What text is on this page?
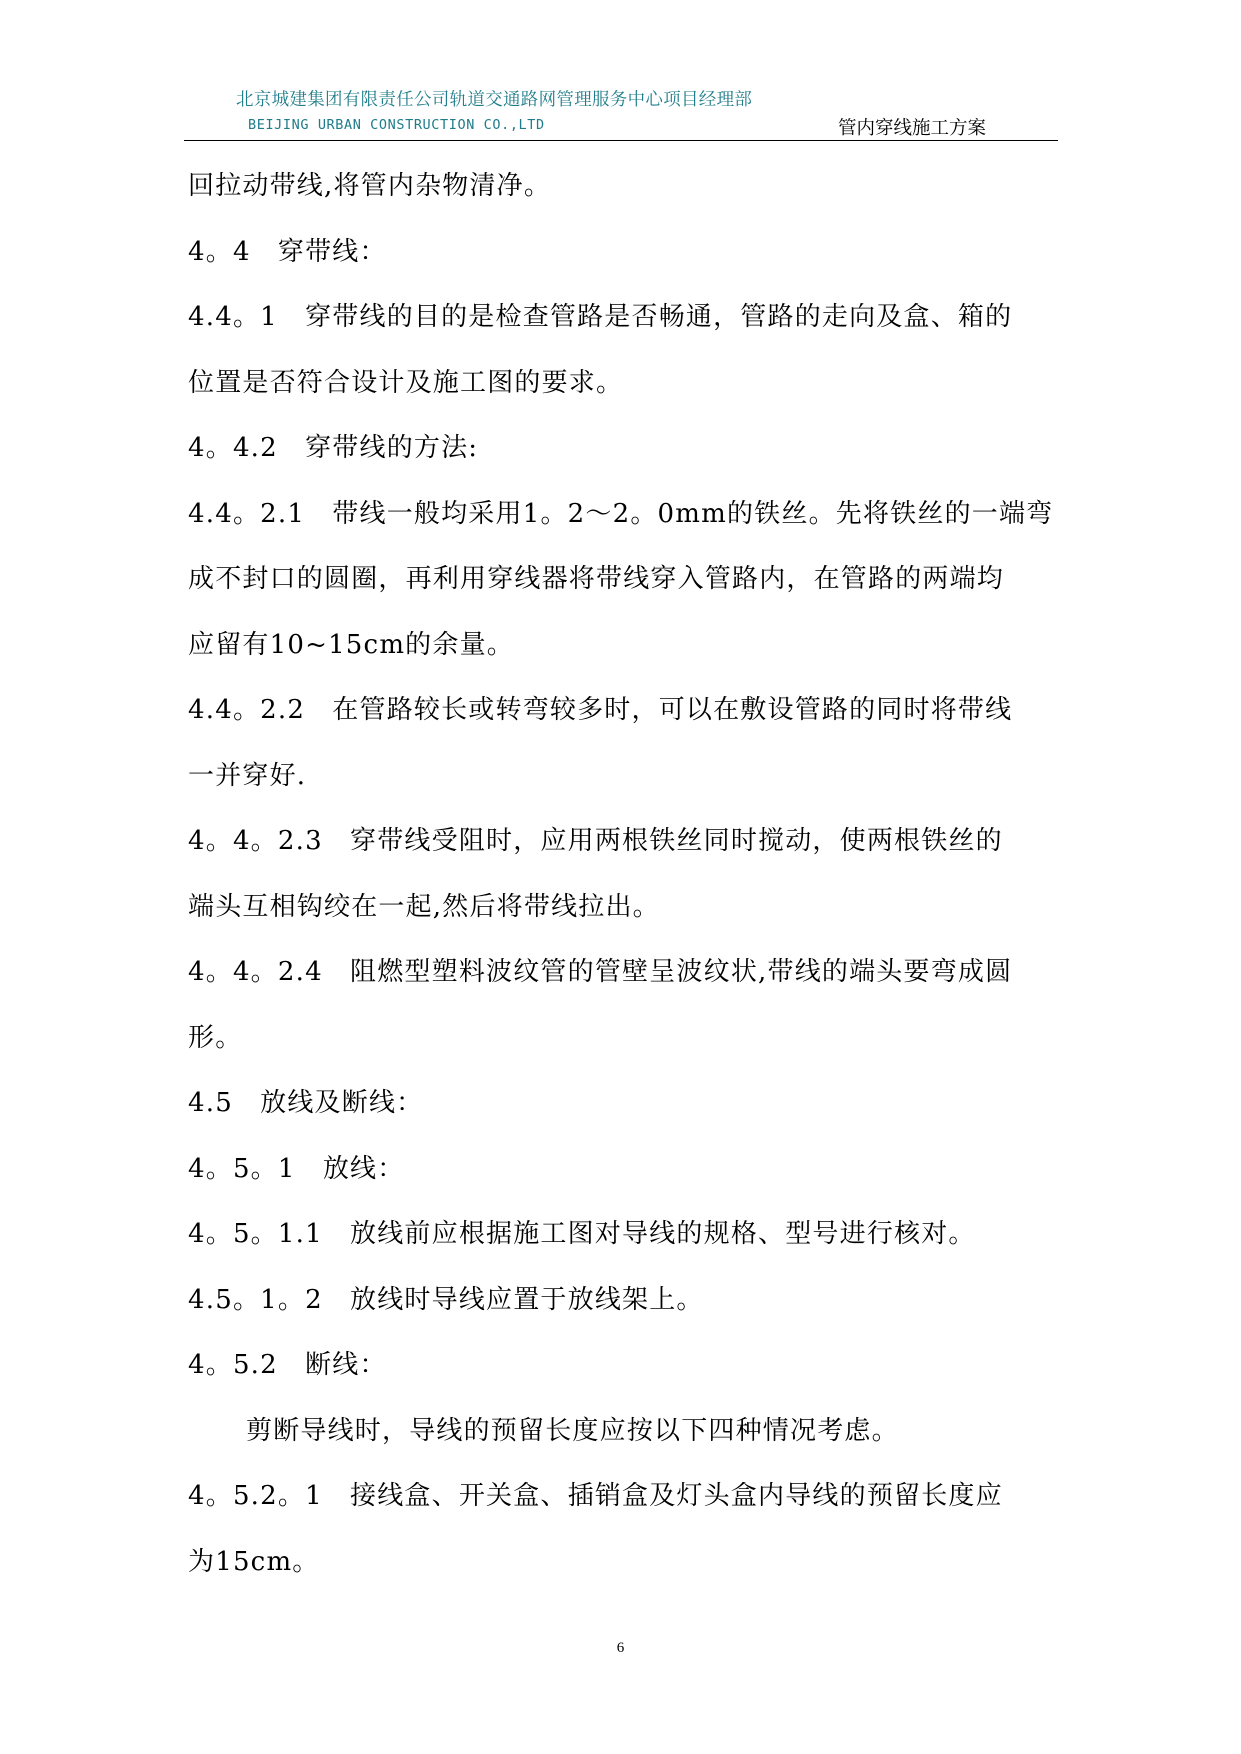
北京城建集团有限责任公司轨道交通路网管理服务中心项目经理部
BEIJING URBAN CONSTRUCTION CO.,LTD	管内穿线施工方案

回拉动带线,将管内杂物清净。

4。4　穿带线：

4.4。1　穿带线的目的是检查管路是否畅通，管路的走向及盒、箱的

位置是否符合设计及施工图的要求。

4。4.2　穿带线的方法:

4.4。2.1　带线一般均采用1。2～2。0mm的铁丝。先将铁丝的一端弯

成不封口的圆圈，再利用穿线器将带线穿入管路内，在管路的两端均

应留有10~15cm的余量。

4.4。2.2　在管路较长或转弯较多时，可以在敷设管路的同时将带线

一并穿好.

4。4。2.3　穿带线受阻时，应用两根铁丝同时搅动，使两根铁丝的

端头互相钩绞在一起,然后将带线拉出。

4。4。2.4　阻燃型塑料波纹管的管壁呈波纹状,带线的端头要弯成圆

形。

4.5　放线及断线：

4。5。1　放线：

4。5。1.1　放线前应根据施工图对导线的规格、型号进行核对。

4.5。1。2　放线时导线应置于放线架上。

4。5.2　断线：

剪断导线时，导线的预留长度应按以下四种情况考虑。

4。5.2。1　接线盒、开关盒、插销盒及灯头盒内导线的预留长度应

为15cm。

6
